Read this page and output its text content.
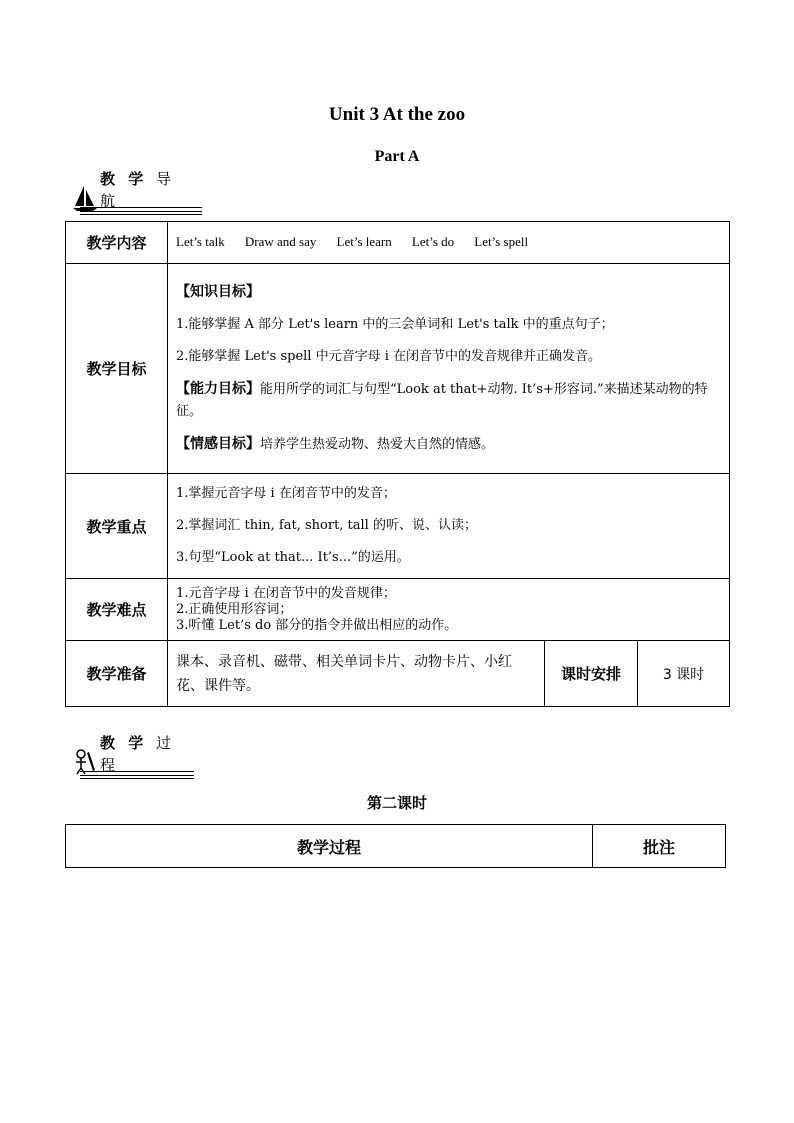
Unit 3 At the zoo
Part A
教 学 导 航
教学内容	Let’s talk Draw and say Let’s learn Let’s do Let’s spell		
教学目标	【知识目标】

1.能够掌握 A 部分 Let's learn 中的三会单词和 Let's talk 中的重点句子；

2.能够掌握 Let's spell 中元音字母 i 在闭音节中的发音规律并正确发音。

【能力目标】能用所学的词汇与句型“Look at that+动物. It’s+形容词.”来描述某动物的特征。

【情感目标】培养学生热爱动物、热爱大自然的情感。		

教学重点	1.掌握元音字母 i 在闭音节中的发音；

2.掌握词汇 thin, fat, short, tall 的听、说、认读；

3.句型“Look at that... It’s...”的运用。		

教学难点	1.元音字母 i 在闭音节中的发音规律；

2.正确使用形容词；

3.听懂 Let’s do 部分的指令并做出相应的动作。		

教学准备	课本、录音机、磁带、相关单词卡片、动物卡片、小红花、课件等。	课时安排	3 课时
教 学 过 程
第二课时
教学过程	批注
